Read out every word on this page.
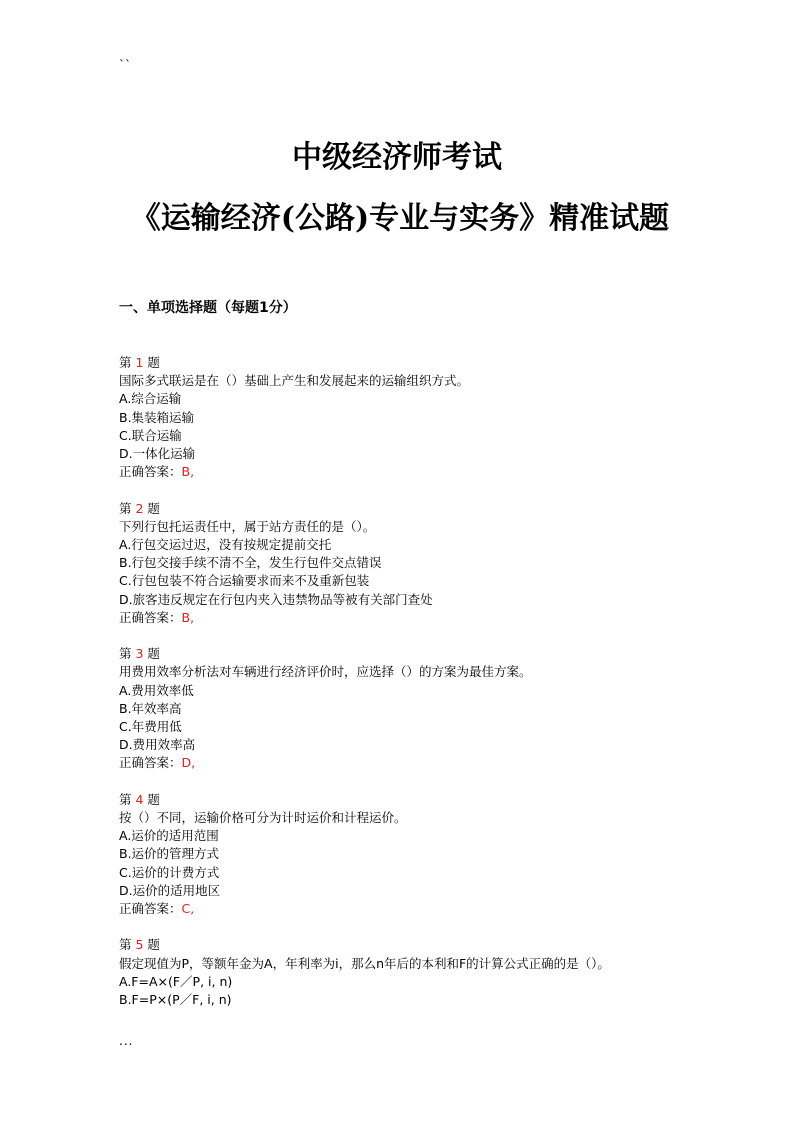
``
中级经济师考试
《运输经济(公路)专业与实务》精准试题
一、单项选择题（每题1分）
第 1 题
国际多式联运是在（）基础上产生和发展起来的运输组织方式。
A.综合运输
B.集装箱运输
C.联合运输
D.一体化运输
正确答案：B,
第 2 题
下列行包托运责任中，属于站方责任的是（）。
A.行包交运过迟，没有按规定提前交托
B.行包交接手续不清不全，发生行包件交点错误
C.行包包装不符合运输要求而来不及重新包装
D.旅客违反规定在行包内夹入违禁物品等被有关部门查处
正确答案：B,
第 3 题
用费用效率分析法对车辆进行经济评价时，应选择（）的方案为最佳方案。
A.费用效率低
B.年效率高
C.年费用低
D.费用效率高
正确答案：D,
第 4 题
按（）不同，运输价格可分为计时运价和计程运价。
A.运价的适用范围
B.运价的管理方式
C.运价的计费方式
D.运价的适用地区
正确答案：C,
第 5 题
假定现值为P，等额年金为A，年利率为i，那么n年后的本利和F的计算公式正确的是（）。
A.F=A×(F／P, i, n)
B.F=P×(P／F, i, n)
...
